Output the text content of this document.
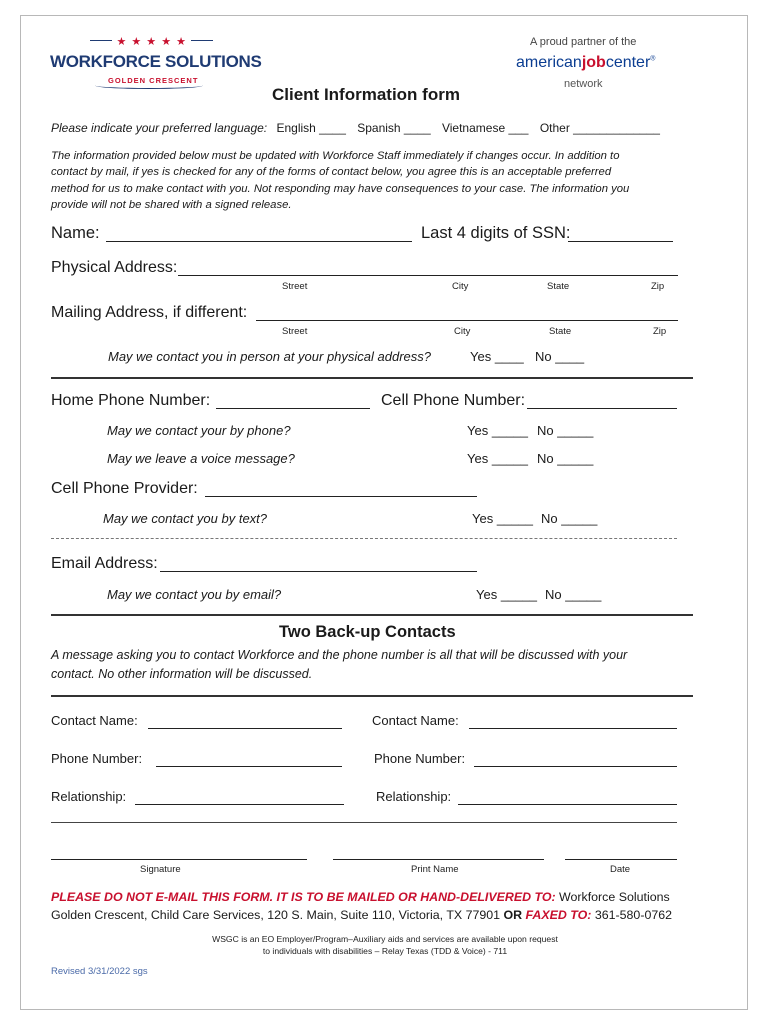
★ ★ ★ ★ ★
WORKFORCE SOLUTIONS
GOLDEN CRESCENT
A proud partner of the
americanjobcenter®
network
Client Information form
Please indicate your preferred language: English ____ Spanish ____ Vietnamese ___ Other _____________
The information provided below must be updated with Workforce Staff immediately if changes occur. In addition to
contact by mail, if yes is checked for any of the forms of contact below, you agree this is an acceptable preferred
method for us to make contact with you. Not responding may have consequences to your case. The information you
provide will not be shared with a signed release.
Name:	Last 4 digits of SSN:
Physical Address:
Street	City	State	Zip
Mailing Address, if different:
Street	City	State	Zip
May we contact you in person at your physical address?	Yes ____ No ____
Home Phone Number:	Cell Phone Number:
May we contact your by phone?	Yes _____ No _____
May we leave a voice message?	Yes _____ No _____
Cell Phone Provider:
May we contact you by text?	Yes _____ No _____
Email Address:
May we contact you by email?	Yes _____ No _____
Two Back-up Contacts
A message asking you to contact Workforce and the phone number is all that will be discussed with your
contact. No other information will be discussed.
Contact Name:	Contact Name:
Phone Number:	Phone Number:
Relationship:	Relationship:
Signature	Print Name	Date
PLEASE DO NOT E-MAIL THIS FORM. IT IS TO BE MAILED OR HAND-DELIVERED TO: Workforce Solutions
Golden Crescent, Child Care Services, 120 S. Main, Suite 110, Victoria, TX 77901 OR FAXED TO: 361-580-0762
WSGC is an EO Employer/Program–Auxiliary aids and services are available upon request
to individuals with disabilities – Relay Texas (TDD & Voice) - 711
Revised 3/31/2022 sgs
